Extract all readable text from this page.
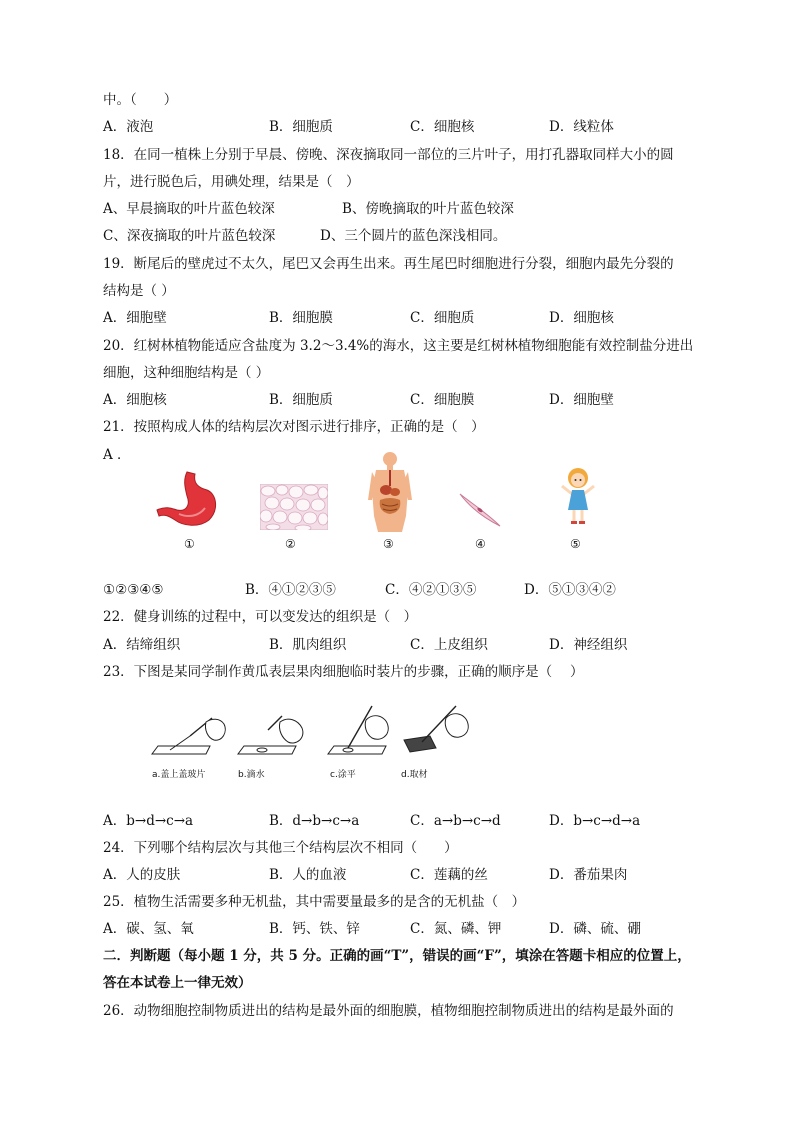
中。（　　）
A．液泡	B．细胞质	C．细胞核	D．线粒体
18．在同一植株上分别于早晨、傍晚、深夜摘取同一部位的三片叶子，用打孔器取同样大小的圆
片，进行脱色后，用碘处理，结果是（　）
A、早晨摘取的叶片蓝色较深	B、傍晚摘取的叶片蓝色较深
C、深夜摘取的叶片蓝色较深	D、三个圆片的蓝色深浅相同。
19．断尾后的壁虎过不太久，尾巴又会再生出来。再生尾巴时细胞进行分裂，细胞内最先分裂的
结构是（ ）
A．细胞壁	B．细胞膜	C．细胞质	D．细胞核
20．红树林植物能适应含盐度为 3.2～3.4%的海水，这主要是红树林植物细胞能有效控制盐分进出
细胞，这种细胞结构是（ ）
A．细胞核	B．细胞质	C．细胞膜	D．细胞壁
21．按照构成人体的结构层次对图示进行排序，正确的是（　）
A ．
①	②	③	④	⑤
①②③④⑤	B．④①②③⑤	C．④②①③⑤	D．⑤①③④②
22．健身训练的过程中，可以变发达的组织是（　）
A．结缔组织	B．肌肉组织	C．上皮组织	D．神经组织
23．下图是某同学制作黄瓜表层果肉细胞临时装片的步骤，正确的顺序是（　 ）
a.盖上盖玻片	b.滴水	c.涂平	d.取材
A．b→d→c→a	B．d→b→c→a	C．a→b→c→d	D．b→c→d→a
24．下列哪个结构层次与其他三个结构层次不相同（　　）
A．人的皮肤	B．人的血液	C．莲藕的丝	D．番茄果肉
25．植物生活需要多种无机盐，其中需要量最多的是含的无机盐（　）
A．碳、氢、氧	B．钙、铁、锌	C．氮、磷、钾	D．磷、硫、硼
二．判断题（每小题 1 分，共 5 分。正确的画“T”，错误的画“F”，填涂在答题卡相应的位置上，
答在本试卷上一律无效）
26．动物细胞控制物质进出的结构是最外面的细胞膜，植物细胞控制物质进出的结构是最外面的
